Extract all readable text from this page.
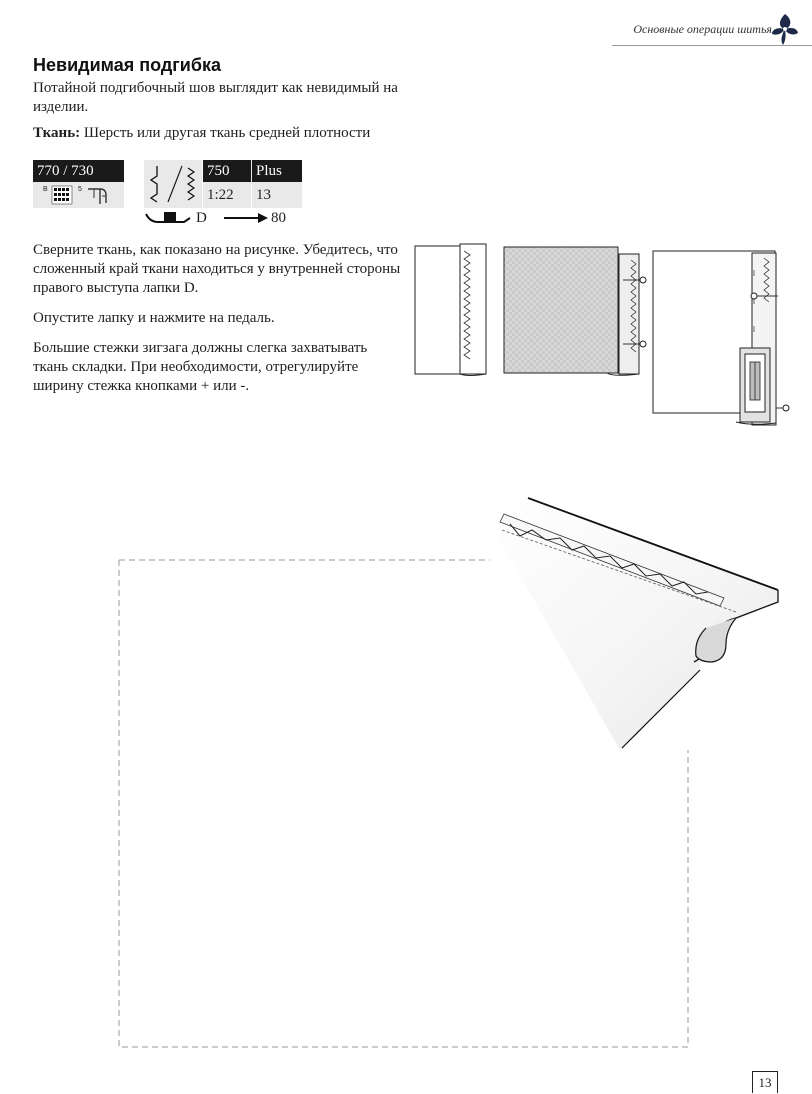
Основные операции шитья
Невидимая подгибка

Потайной подгибочный шов выглядит как невидимый на изделии.

Ткань: Шерсть или другая ткань средней плотности

770 / 730
B	5
750	Plus
1:22	13
D	80

Сверните ткань, как показано на рисунке. Убедитесь, что сложенный край ткани находиться у внутренней стороны правого выступа лапки D.

Опустите лапку и нажмите на педаль.

Большие стежки зигзага должны слегка захватывать ткань складки. При необходимости, отрегулируйте ширину стежка кнопками + или -.

13
